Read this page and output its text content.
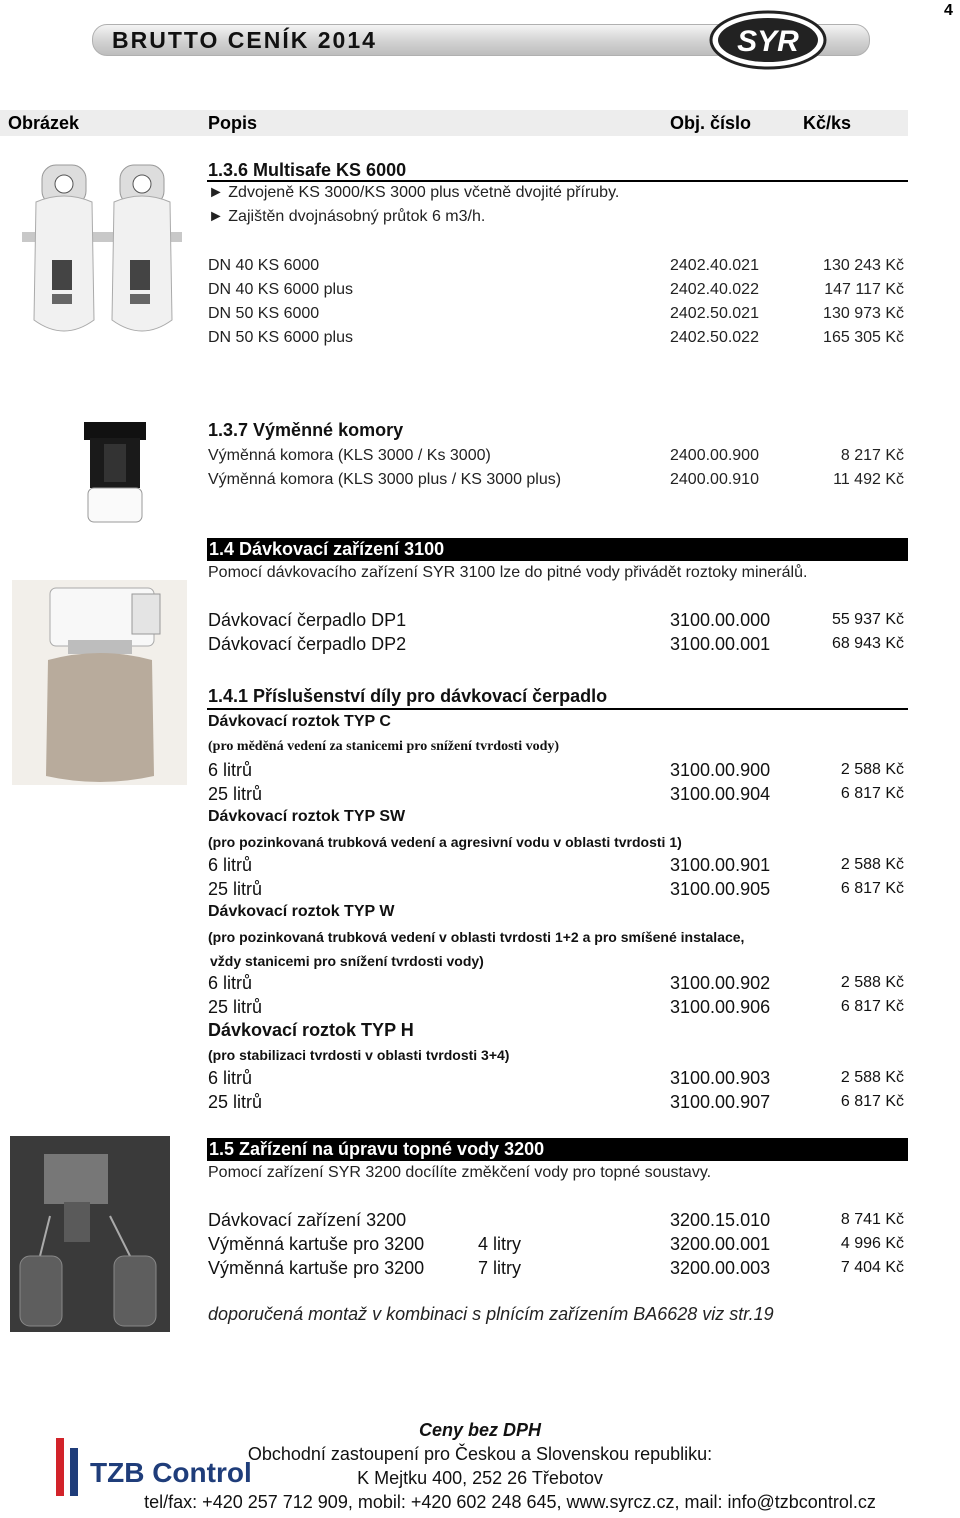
4
BRUTTO CENÍK 2014	SYR
Obrázek	Popis	Obj. číslo	Kč/ks
1.3.6 Multisafe KS 6000
► Zdvojeně KS 3000/KS 3000 plus včetně dvojité příruby.
► Zajištěn dvojnásobný průtok 6 m3/h.
DN 40 KS 6000	2402.40.021	130 243 Kč
DN 40 KS 6000 plus	2402.40.022	147 117 Kč
DN 50 KS 6000	2402.50.021	130 973 Kč
DN 50 KS 6000 plus	2402.50.022	165 305 Kč
1.3.7 Výměnné komory
Výměnná komora (KLS 3000 / Ks 3000)	2400.00.900	8 217 Kč
Výměnná komora (KLS 3000 plus / KS 3000 plus)	2400.00.910	11 492 Kč
1.4 Dávkovací zařízení 3100
Pomocí dávkovacího zařízení SYR 3100 lze do pitné vody přivádět roztoky minerálů.
Dávkovací čerpadlo DP1	3100.00.000	55 937 Kč
Dávkovací čerpadlo DP2	3100.00.001	68 943 Kč
1.4.1 Příslušenství díly pro dávkovací čerpadlo
Dávkovací roztok TYP C
(pro měděná vedení za stanicemi pro snížení tvrdosti vody)
6 litrů	3100.00.900	2 588 Kč
25 litrů	3100.00.904	6 817 Kč
Dávkovací roztok TYP SW
(pro pozinkovaná trubková vedení a agresivní vodu v oblasti tvrdosti 1)
6 litrů	3100.00.901	2 588 Kč
25 litrů	3100.00.905	6 817 Kč
Dávkovací roztok TYP W
(pro pozinkovaná trubková vedení v oblasti tvrdosti 1+2 a pro smíšené instalace,
vždy stanicemi pro snížení tvrdosti vody)
6 litrů	3100.00.902	2 588 Kč
25 litrů	3100.00.906	6 817 Kč
Dávkovací roztok TYP H
(pro stabilizaci tvrdosti v oblasti tvrdosti 3+4)
6 litrů	3100.00.903	2 588 Kč
25 litrů	3100.00.907	6 817 Kč
1.5 Zařízení na úpravu topné vody 3200
Pomocí zařízení SYR 3200 docílíte změkčení vody pro topné soustavy.
Dávkovací zařízení 3200	3200.15.010	8 741 Kč
Výměnná kartuše pro 3200	4 litry	3200.00.001	4 996 Kč
Výměnná kartuše pro 3200	7 litry	3200.00.003	7 404 Kč
doporučená montaž v kombinaci s plnícím zařízením BA6628 viz str.19
Ceny bez DPH
Obchodní zastoupení pro Českou a Slovenskou republiku:
K Mejtku 400, 252 26 Třebotov
tel/fax: +420 257 712 909, mobil: +420 602 248 645, www.syrcz.cz, mail: info@tzbcontrol.cz
TZB Control
